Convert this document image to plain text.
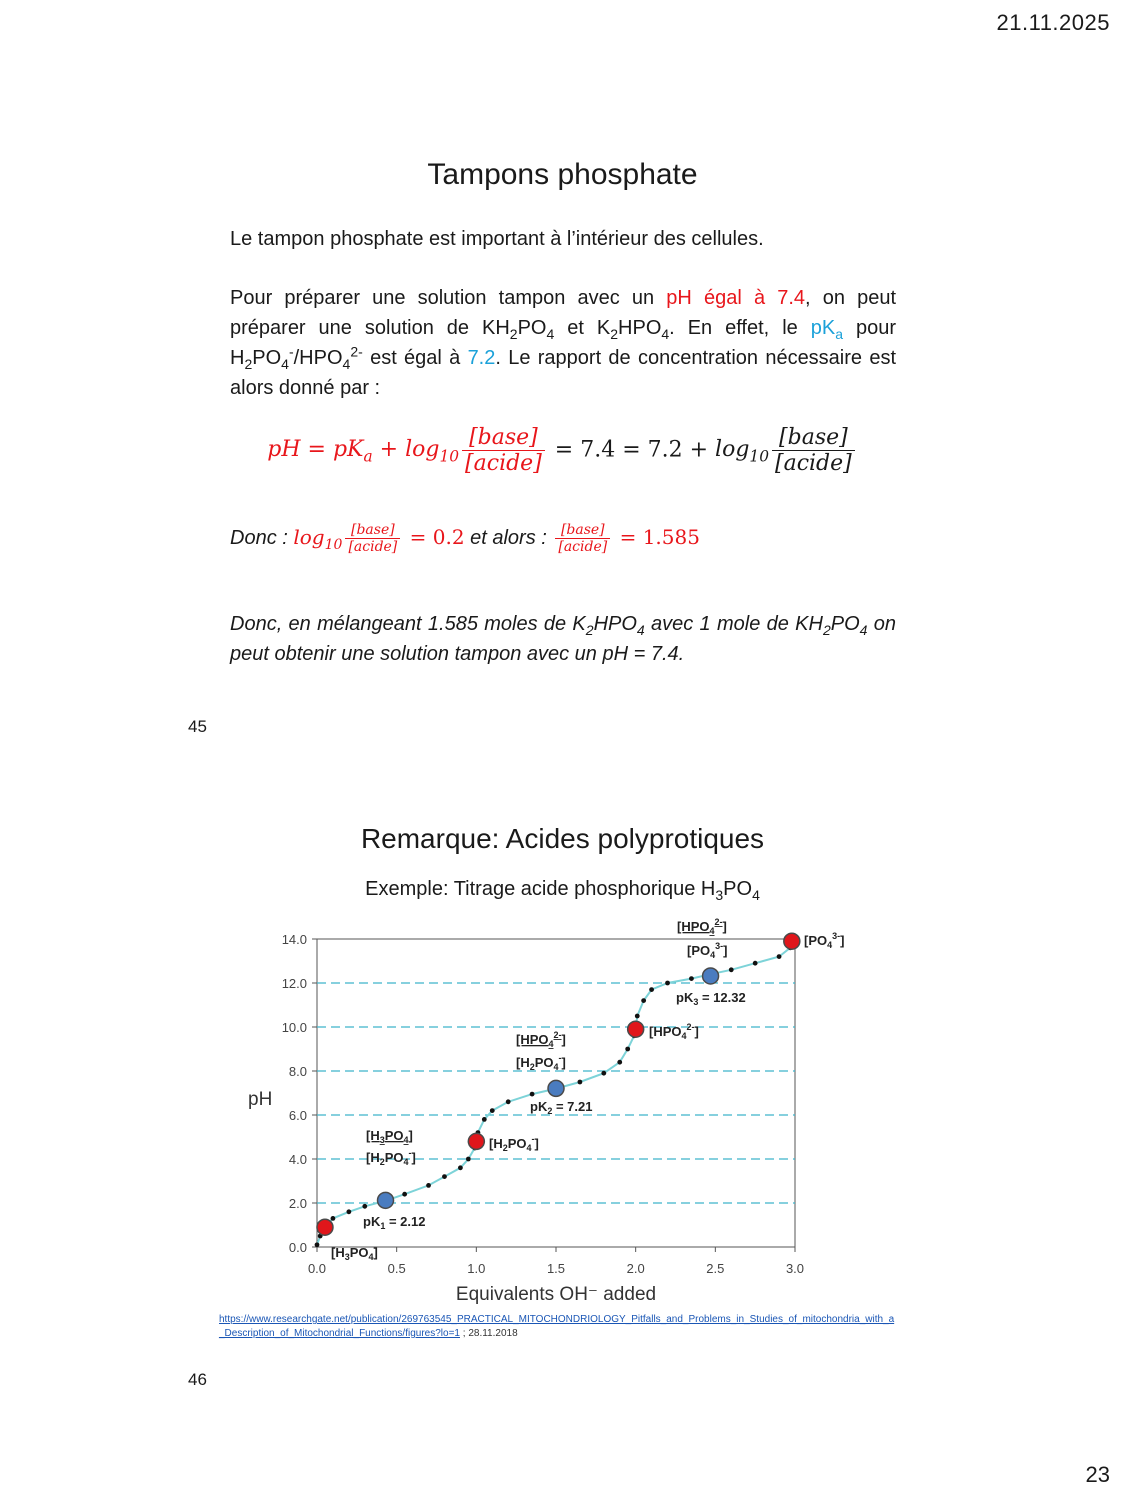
21.11.2025
Tampons phosphate

Le tampon phosphate est important à l’intérieur des cellules.

Pour préparer une solution tampon avec un pH égal à 7.4, on peut préparer une solution de $KH_2PO_4$ et $K_2HPO_4$. En effet, le $pK_a$ pour $H_2PO_4^-/HPO_4^{2-}$ est égal à 7.2. Le rapport de concentration nécessaire est alors donné par :

pH = $pK_a + \log_{10} \frac{\text{[base]}}{\text{[acide]}} = 7.4 = 7.2 + \log_{10} \frac{\text{[base]}}{\text{[acide]}}$
Donc : $\log_{10} \frac{\text{[base]}}{\text{[acide]}} = 0.2$ et alors : $\frac{\text{[base]}}{\text{[acide]}} = 1.585$

Donc, en mélangeant 1.585 moles de $K_2HPO_4$ avec 1 mole de $KH_2PO_4$ on peut obtenir une solution tampon avec un pH = 7.4.

45
Remarque: Acides polyprotiques
Exemple: Titrage acide phosphorique $H_3PO_4$
0.0
2.0
4.0
6.0
8.0
10.0
12.0
14.0
0.0	0.5	1.0	1.5	2.0	2.5	3.0
pH
Equivalents OH⁻ added
$[H_3PO_4]$
$[H_2PO_4^-]$
$[HPO_4^{2-}]$
$[H_2PO_4^-]$
$[HPO_4^{2-}]$
$[PO_4^{3-}]$
$[H_3PO_4]$
$pK_1 = 2.12$
$[H_2PO_4^-]$
$pK_2 = 7.21$
$[HPO_4^{2-}]$
$pK_3 = 12.32$
$[PO_4^{3-}]$
https://www.researchgate.net/publication/269763545_PRACTICAL_MITOCHONDRIOLOGY_Pitfalls_and_Problems_in_Studies_of_mitochondria_with_a_Description_of_Mitochondrial_Functions/figures?lo=1 ; 28.11.2018
46
23
